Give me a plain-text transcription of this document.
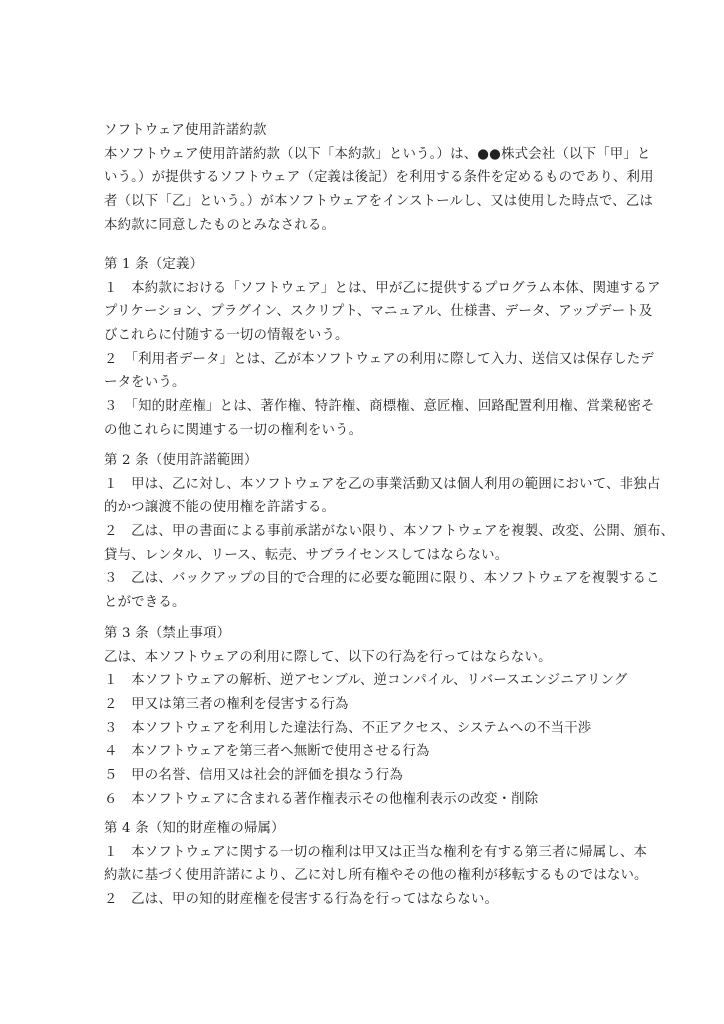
ソフトウェア使用許諾約款
本ソフトウェア使用許諾約款（以下「本約款」という。）は、●●株式会社（以下「甲」と
いう。）が提供するソフトウェア（定義は後記）を利用する条件を定めるものであり、利用
者（以下「乙」という。）が本ソフトウェアをインストールし、又は使用した時点で、乙は
本約款に同意したものとみなされる。
第 1 条（定義）
１　本約款における「ソフトウェア」とは、甲が乙に提供するプログラム本体、関連するア
プリケーション、プラグイン、スクリプト、マニュアル、仕様書、データ、アップデート及
びこれらに付随する一切の情報をいう。
２　「利用者データ」とは、乙が本ソフトウェアの利用に際して入力、送信又は保存したデ
ータをいう。
３　「知的財産権」とは、著作権、特許権、商標権、意匠権、回路配置利用権、営業秘密そ
の他これらに関連する一切の権利をいう。
第 2 条（使用許諾範囲）
１　甲は、乙に対し、本ソフトウェアを乙の事業活動又は個人利用の範囲において、非独占
的かつ譲渡不能の使用権を許諾する。
２　乙は、甲の書面による事前承諾がない限り、本ソフトウェアを複製、改変、公開、頒布、
貸与、レンタル、リース、転売、サブライセンスしてはならない。
３　乙は、バックアップの目的で合理的に必要な範囲に限り、本ソフトウェアを複製するこ
とができる。
第 3 条（禁止事項）
乙は、本ソフトウェアの利用に際して、以下の行為を行ってはならない。
１　本ソフトウェアの解析、逆アセンブル、逆コンパイル、リバースエンジニアリング
２　甲又は第三者の権利を侵害する行為
３　本ソフトウェアを利用した違法行為、不正アクセス、システムへの不当干渉
４　本ソフトウェアを第三者へ無断で使用させる行為
５　甲の名誉、信用又は社会的評価を損なう行為
６　本ソフトウェアに含まれる著作権表示その他権利表示の改変・削除
第 4 条（知的財産権の帰属）
１　本ソフトウェアに関する一切の権利は甲又は正当な権利を有する第三者に帰属し、本
約款に基づく使用許諾により、乙に対し所有権やその他の権利が移転するものではない。
２　乙は、甲の知的財産権を侵害する行為を行ってはならない。
